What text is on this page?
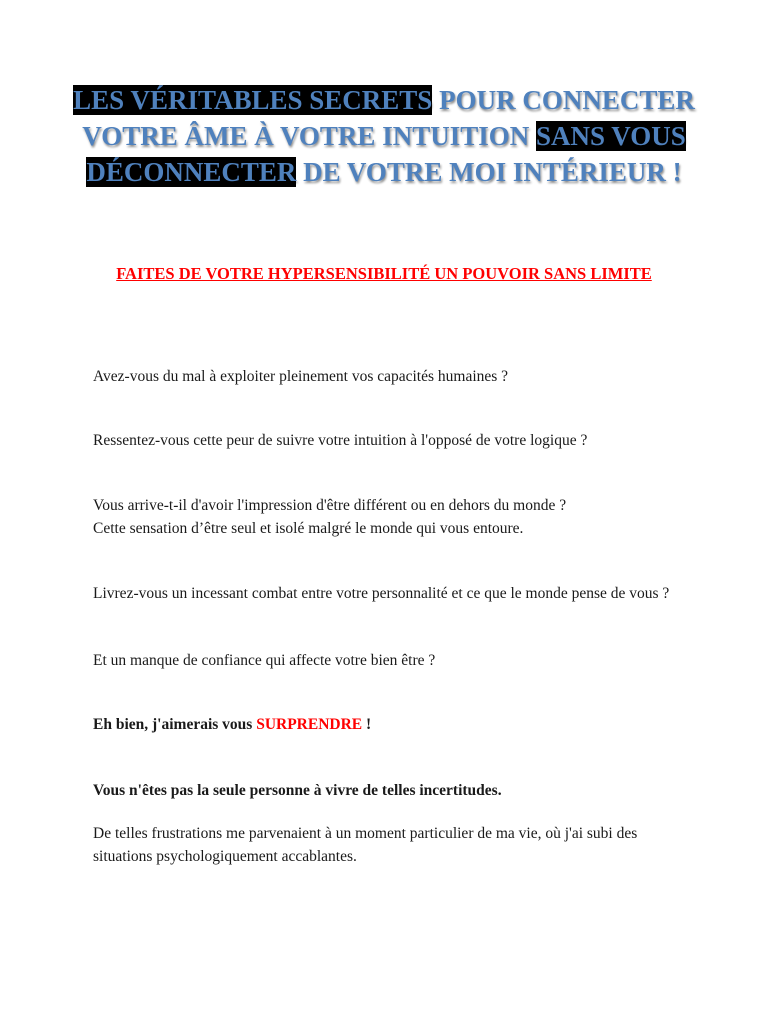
LES VÉRITABLES SECRETS POUR CONNECTER VOTRE ÂME À VOTRE INTUITION SANS VOUS DÉCONNECTER DE VOTRE MOI INTÉRIEUR !
FAITES DE VOTRE HYPERSENSIBILITÉ UN POUVOIR SANS LIMITE
Avez-vous du mal à exploiter pleinement vos capacités humaines ?
Ressentez-vous cette peur de suivre votre intuition à l'opposé de votre logique ?
Vous arrive-t-il d'avoir l'impression d'être différent ou en dehors du monde ?
Cette sensation d’être seul et isolé malgré le monde qui vous entoure.
Livrez-vous un incessant combat entre votre personnalité et ce que le monde pense de vous ?
Et un manque de confiance qui affecte votre bien être ?
Eh bien, j'aimerais vous SURPRENDRE !
Vous n'êtes pas la seule personne à vivre de telles incertitudes.
De telles frustrations me parvenaient à un moment particulier de ma vie, où j'ai subi des situations psychologiquement accablantes.
